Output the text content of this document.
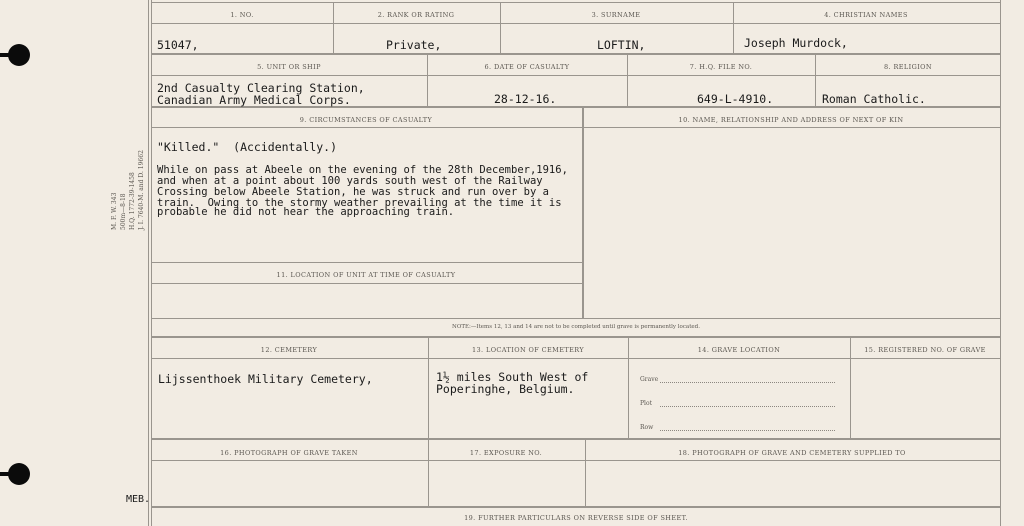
M. F. W. 343 500m—8-18 H.Q. 1772-39-1458 J. I. 7640-M. and D. 19662
1. NO.	2. RANK OR RATING	3. SURNAME	4. CHRISTIAN NAMES
51047,	Private,	LOFTIN,	Joseph Murdock,
5. UNIT OR SHIP	6. DATE OF CASUALTY	7. H.Q. FILE NO.	8. RELIGION
2nd Casualty Clearing Station,
Canadian Army Medical Corps.	28-12-16.	649-L-4910.	Roman Catholic.
9. CIRCUMSTANCES OF CASUALTY	10. NAME, RELATIONSHIP AND ADDRESS OF NEXT OF KIN
"Killed."  (Accidentally.)
While on pass at Abeele on the evening of the 28th December,1916,
and when at a point about 100 yards south west of the Railway
Crossing below Abeele Station, he was struck and run over by a
train.  Owing to the stormy weather prevailing at the time it is
probable he did not hear the approaching train.
11. LOCATION OF UNIT AT TIME OF CASUALTY
NOTE:—Items 12, 13 and 14 are not to be completed until grave is permanently located.
12. CEMETERY	13. LOCATION OF CEMETERY	14. GRAVE LOCATION	15. REGISTERED NO. OF GRAVE
Lijssenthoek Military Cemetery,	1½ miles South West of
Poperinghe, Belgium.
Grave
Plot
Row
16. PHOTOGRAPH OF GRAVE TAKEN	17. EXPOSURE NO.	18. PHOTOGRAPH OF GRAVE AND CEMETERY SUPPLIED TO
MEB.
19. FURTHER PARTICULARS ON REVERSE SIDE OF SHEET.
